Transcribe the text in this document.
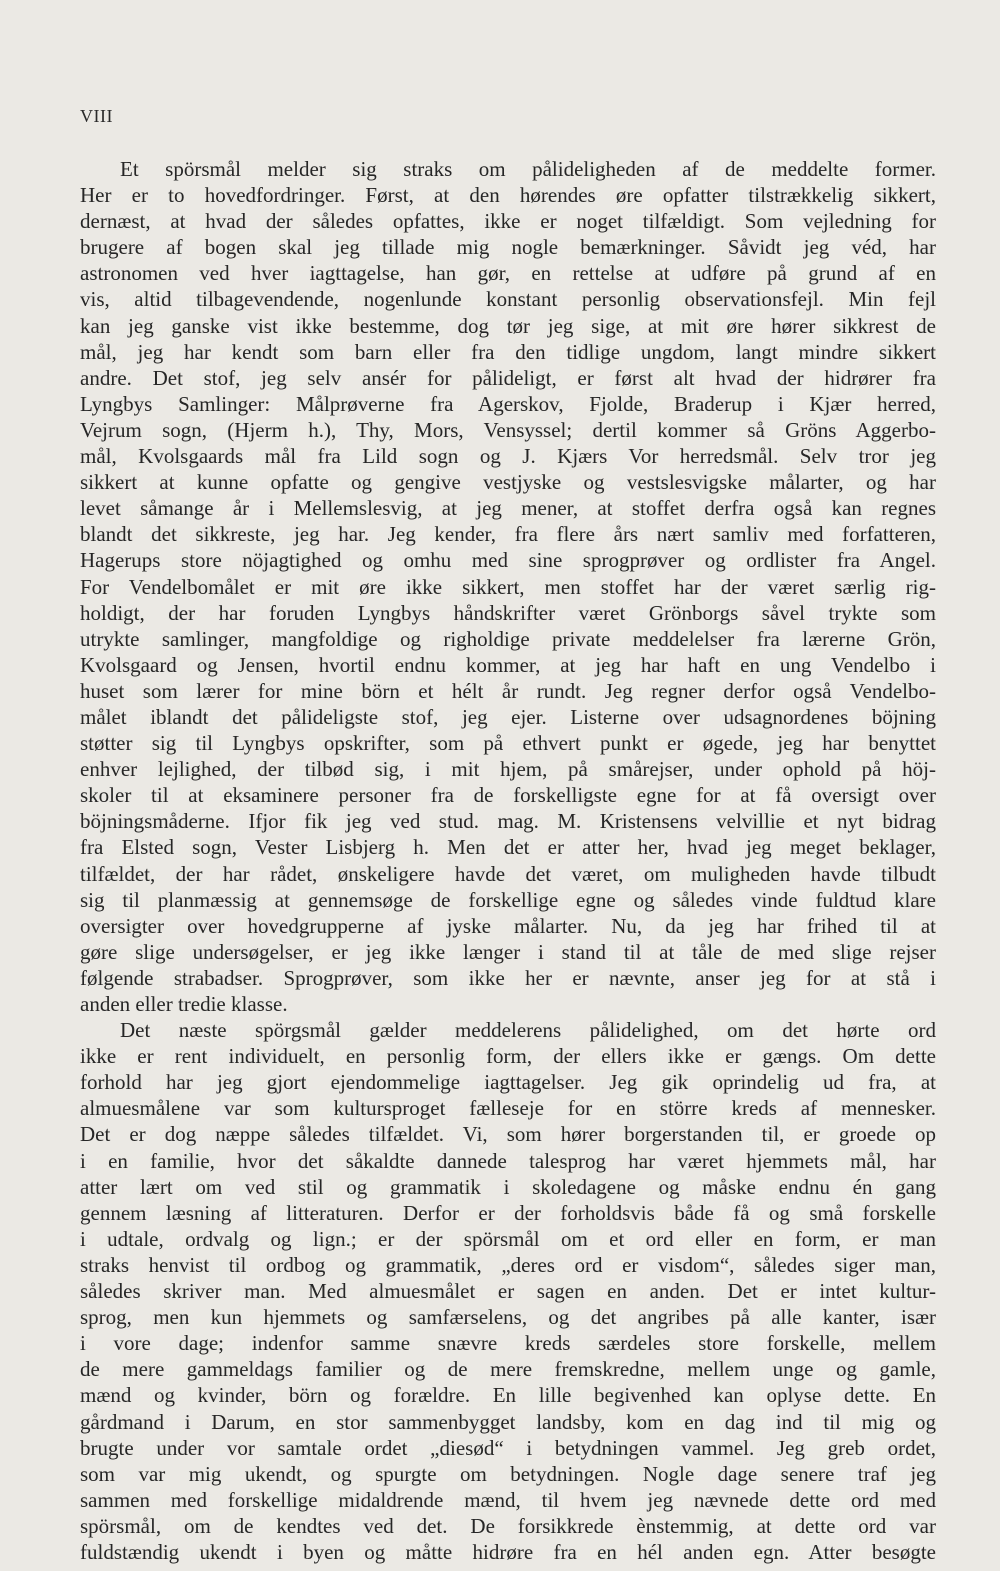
VIII
Et spörsmål melder sig straks om pålideligheden af de meddelte former.
Her er to hovedfordringer. Først, at den hørendes øre opfatter tilstrækkelig sikkert,
dernæst, at hvad der således opfattes, ikke er noget tilfældigt. Som vejledning for
brugere af bogen skal jeg tillade mig nogle bemærkninger. Såvidt jeg véd, har
astronomen ved hver iagttagelse, han gør, en rettelse at udføre på grund af en
vis, altid tilbagevendende, nogenlunde konstant personlig observationsfejl. Min fejl
kan jeg ganske vist ikke bestemme, dog tør jeg sige, at mit øre hører sikkrest de
mål, jeg har kendt som barn eller fra den tidlige ungdom, langt mindre sikkert
andre. Det stof, jeg selv ansér for pålideligt, er først alt hvad der hidrører fra
Lyngbys Samlinger: Målprøverne fra Agerskov, Fjolde, Braderup i Kjær herred,
Vejrum sogn, (Hjerm h.), Thy, Mors, Vensyssel; dertil kommer så Gröns Aggerbo-
mål, Kvolsgaards mål fra Lild sogn og J. Kjærs Vor herredsmål. Selv tror jeg
sikkert at kunne opfatte og gengive vestjyske og vestslesvigske målarter, og har
levet såmange år i Mellemslesvig, at jeg mener, at stoffet derfra også kan regnes
blandt det sikkreste, jeg har. Jeg kender, fra flere års nært samliv med forfatteren,
Hagerups store nöjagtighed og omhu med sine sprogprøver og ordlister fra Angel.
For Vendelbomålet er mit øre ikke sikkert, men stoffet har der været særlig rig-
holdigt, der har foruden Lyngbys håndskrifter været Grönborgs såvel trykte som
utrykte samlinger, mangfoldige og righoldige private meddelelser fra lærerne Grön,
Kvolsgaard og Jensen, hvortil endnu kommer, at jeg har haft en ung Vendelbo i
huset som lærer for mine börn et hélt år rundt. Jeg regner derfor også Vendelbo-
målet iblandt det pålideligste stof, jeg ejer. Listerne over udsagnordenes böjning
støtter sig til Lyngbys opskrifter, som på ethvert punkt er øgede, jeg har benyttet
enhver lejlighed, der tilbød sig, i mit hjem, på smårejser, under ophold på höj-
skoler til at eksaminere personer fra de forskelligste egne for at få oversigt over
böjningsmåderne. Ifjor fik jeg ved stud. mag. M. Kristensens velvillie et nyt bidrag
fra Elsted sogn, Vester Lisbjerg h. Men det er atter her, hvad jeg meget beklager,
tilfældet, der har rådet, ønskeligere havde det været, om muligheden havde tilbudt
sig til planmæssig at gennemsøge de forskellige egne og således vinde fuldtud klare
oversigter over hovedgrupperne af jyske målarter. Nu, da jeg har frihed til at
gøre slige undersøgelser, er jeg ikke længer i stand til at tåle de med slige rejser
følgende strabadser. Sprogprøver, som ikke her er nævnte, anser jeg for at stå i
anden eller tredie klasse.
Det næste spörgsmål gælder meddelerens pålidelighed, om det hørte ord
ikke er rent individuelt, en personlig form, der ellers ikke er gængs. Om dette
forhold har jeg gjort ejendommelige iagttagelser. Jeg gik oprindelig ud fra, at
almuesmålene var som kultursproget fællesеje for en större kreds af mennesker.
Det er dog næppe således tilfældet. Vi, som hører borgerstanden til, er groede op
i en familie, hvor det såkaldte dannede talesprog har været hjemmets mål, har
atter lært om ved stil og grammatik i skoledagene og måske endnu én gang
gennem læsning af litteraturen. Derfor er der forholdsvis både få og små forskelle
i udtale, ordvalg og lign.; er der spörsmål om et ord eller en form, er man
straks henvist til ordbog og grammatik, „deres ord er visdom“, således siger man,
således skriver man. Med almuesmålet er sagen en anden. Det er intet kultur-
sprog, men kun hjemmets og samfærselens, og det angribes på alle kanter, især
i vore dage; indenfor samme snævre kreds særdeles store forskelle, mellem
de mere gammeldags familier og de mere fremskredne, mellem unge og gamle,
mænd og kvinder, börn og forældre. En lille begivenhed kan oplyse dette. En
gårdmand i Darum, en stor sammenbygget landsby, kom en dag ind til mig og
brugte under vor samtale ordet „diesød“ i betydningen vammel. Jeg greb ordet,
som var mig ukendt, og spurgte om betydningen. Nogle dage senere traf jeg
sammen med forskellige midaldrende mænd, til hvem jeg nævnede dette ord med
spörsmål, om de kendtes ved det. De forsikkrede ènstemmig, at dette ord var
fuldstændig ukendt i byen og måtte hidrøre fra en hél anden egn. Atter besøgte
